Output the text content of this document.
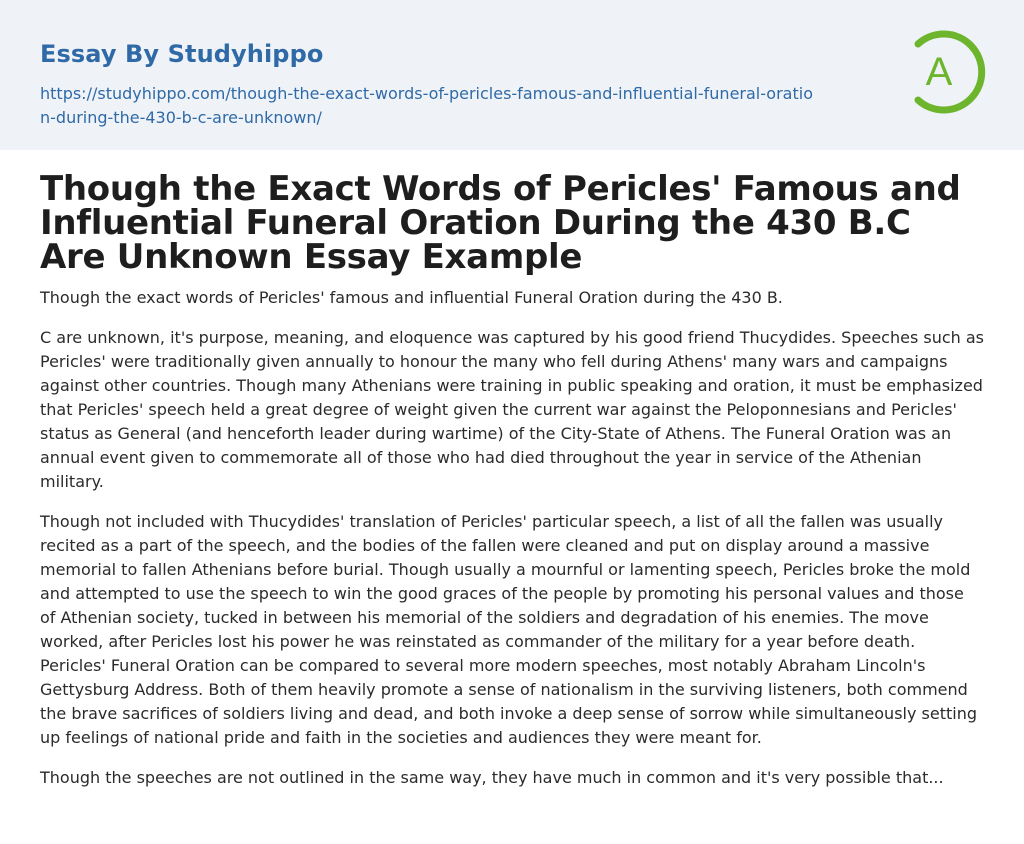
Essay By Studyhippo
https://studyhippo.com/though-the-exact-words-of-pericles-famous-and-influential-funeral-oration-during-the-430-b-c-are-unknown/
A
Though the Exact Words of Pericles' Famous and Influential Funeral Oration During the 430 B.C Are Unknown Essay Example

Though the exact words of Pericles' famous and influential Funeral Oration during the 430 B.

C are unknown, it's purpose, meaning, and eloquence was captured by his good friend Thucydides. Speeches such as Pericles' were traditionally given annually to honour the many who fell during Athens' many wars and campaigns against other countries. Though many Athenians were training in public speaking and oration, it must be emphasized that Pericles' speech held a great degree of weight given the current war against the Peloponnesians and Pericles' status as General (and henceforth leader during wartime) of the City-State of Athens. The Funeral Oration was an annual event given to commemorate all of those who had died throughout the year in service of the Athenian military.

Though not included with Thucydides' translation of Pericles' particular speech, a list of all the fallen was usually recited as a part of the speech, and the bodies of the fallen were cleaned and put on display around a massive memorial to fallen Athenians before burial. Though usually a mournful or lamenting speech, Pericles broke the mold and attempted to use the speech to win the good graces of the people by promoting his personal values and those of Athenian society, tucked in between his memorial of the soldiers and degradation of his enemies. The move worked, after Pericles lost his power he was reinstated as commander of the military for a year before death. Pericles' Funeral Oration can be compared to several more modern speeches, most notably Abraham Lincoln's Gettysburg Address. Both of them heavily promote a sense of nationalism in the surviving listeners, both commend the brave sacrifices of soldiers living and dead, and both invoke a deep sense of sorrow while simultaneously setting up feelings of national pride and faith in the societies and audiences they were meant for.

Though the speeches are not outlined in the same way, they have much in common and it's very possible that...
